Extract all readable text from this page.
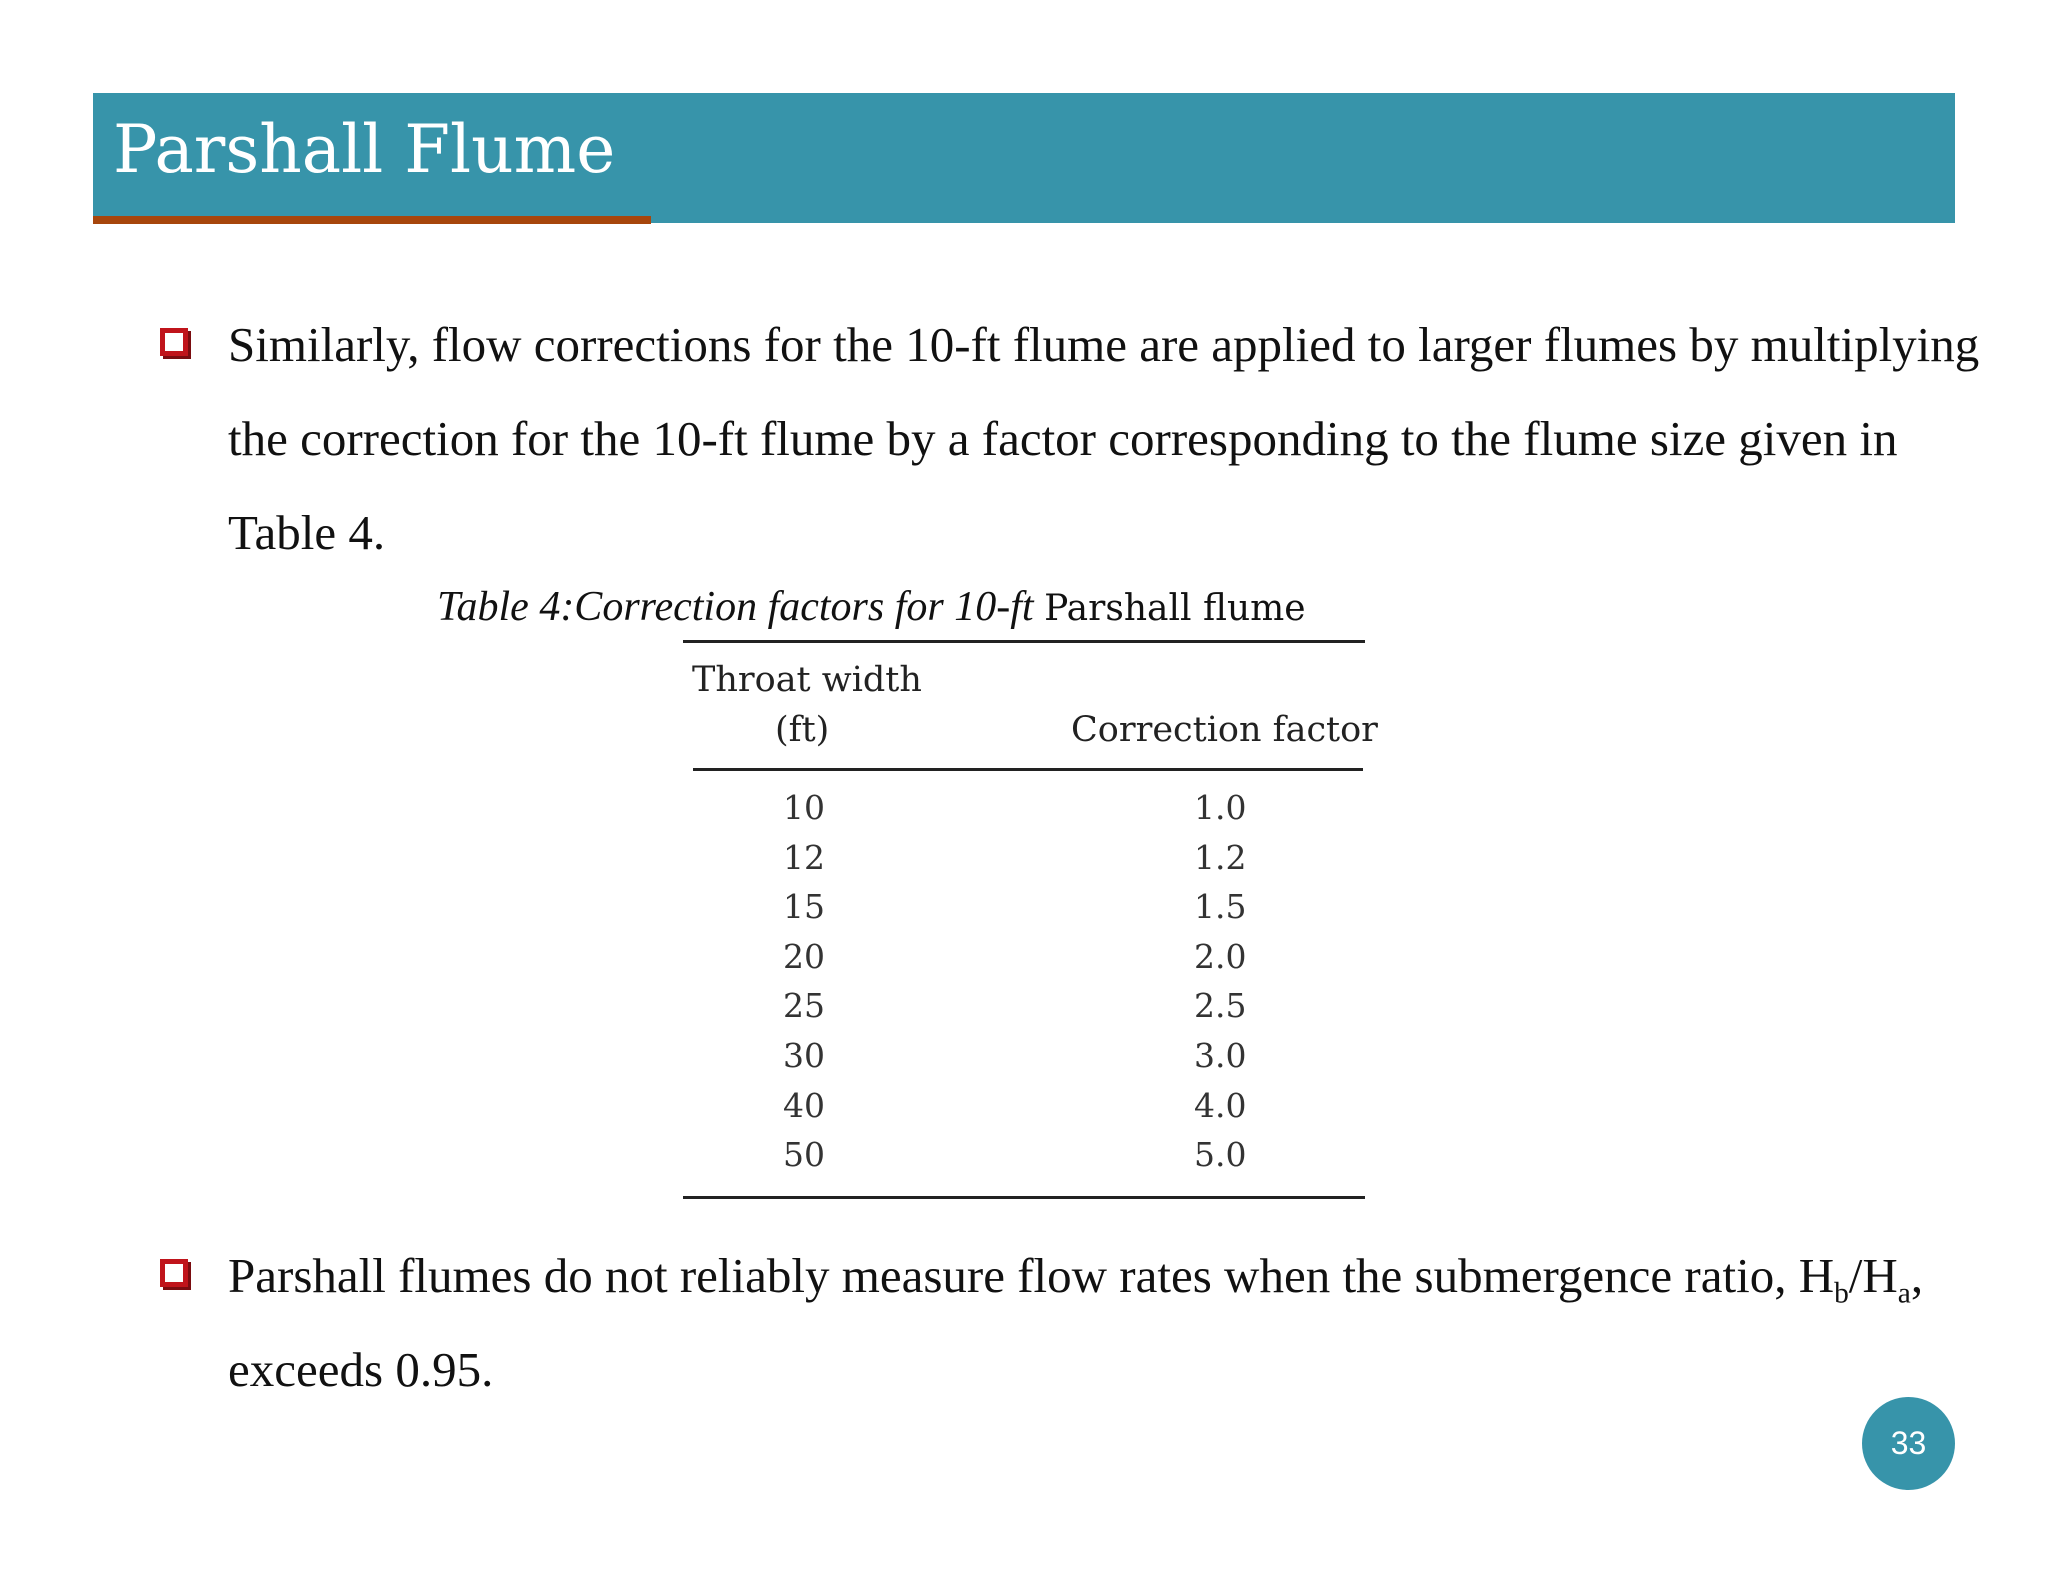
Parshall Flume
Similarly, flow corrections for the 10-ft flume are applied to larger flumes by multiplying the correction for the 10-ft flume by a factor corresponding to the flume size given in Table 4.
Table 4:Correction factors for 10-ft Parshall flume
Throat width
(ft)	Correction factor
10	1.0
12	1.2
15	1.5
20	2.0
25	2.5
30	3.0
40	4.0
50	5.0
Parshall flumes do not reliably measure flow rates when the submergence ratio, $H_b/H_a$, exceeds 0.95.
33
